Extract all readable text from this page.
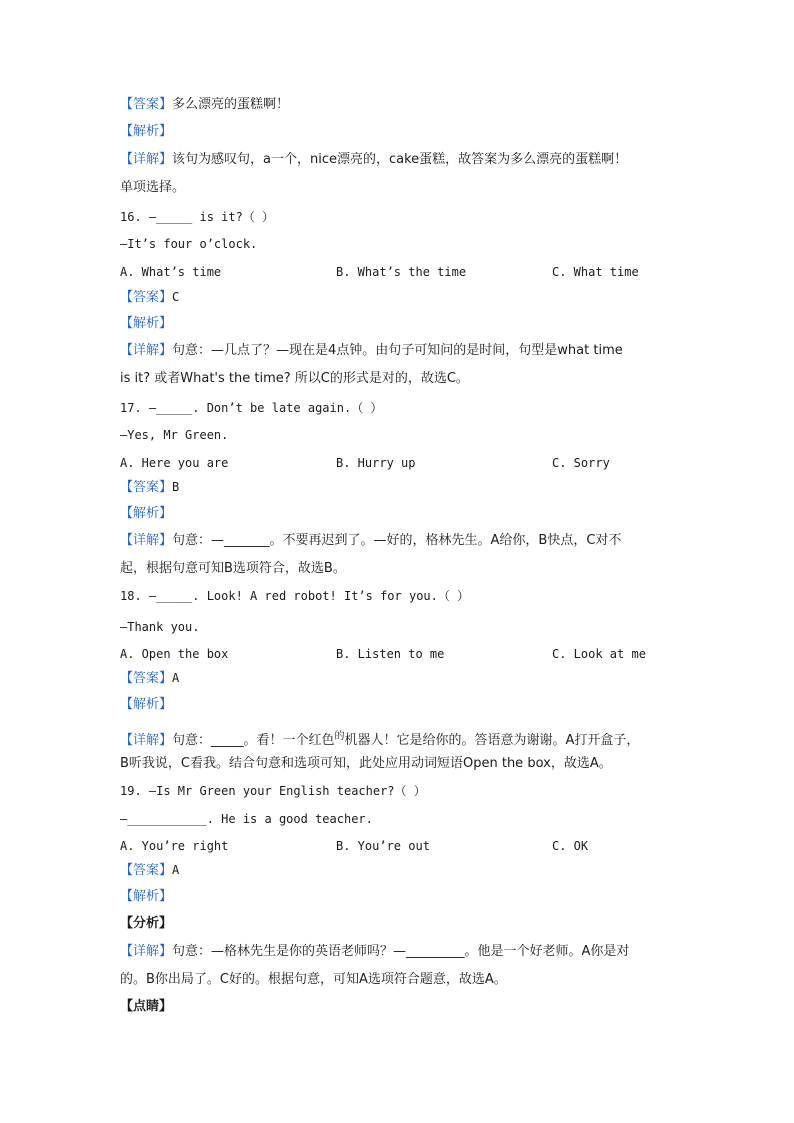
【答案】多么漂亮的蛋糕啊！
【解析】
【详解】该句为感叹句，a一个，nice漂亮的，cake蛋糕，故答案为多么漂亮的蛋糕啊！
单项选择。
16. —_____ is it?（ ）
—It’s four o’clock.
A. What’s time	B. What’s the time	C. What time
【答案】C
【解析】
【详解】句意：—几点了？—现在是4点钟。由句子可知问的是时间，句型是what time
is it? 或者What's the time? 所以C的形式是对的，故选C。
17. —_____. Don’t be late again.（ ）
—Yes, Mr Green.
A. Here you are	B. Hurry up	C. Sorry
【答案】B
【解析】
【详解】句意：—_______。不要再迟到了。—好的，格林先生。A给你，B快点，C对不
起，根据句意可知B选项符合，故选B。
18. —_____. Look! A red robot! It’s for you.（ ）
—Thank you.
A. Open the box	B. Listen to me	C. Look at me
【答案】A
【解析】
【详解】句意：_____。看！一个红色$^的$机器人！它是给你的。答语意为谢谢。A打开盒子，
B听我说，C看我。结合句意和选项可知，此处应用动词短语Open the box，故选A。
19. —Is Mr Green your English teacher?（ ）
—___________. He is a good teacher.
A. You’re right	B. You’re out	C. OK
【答案】A
【解析】
【分析】
【详解】句意：—格林先生是你的英语老师吗？—_________。他是一个好老师。A你是对
的。B你出局了。C好的。根据句意，可知A选项符合题意，故选A。
【点睛】
